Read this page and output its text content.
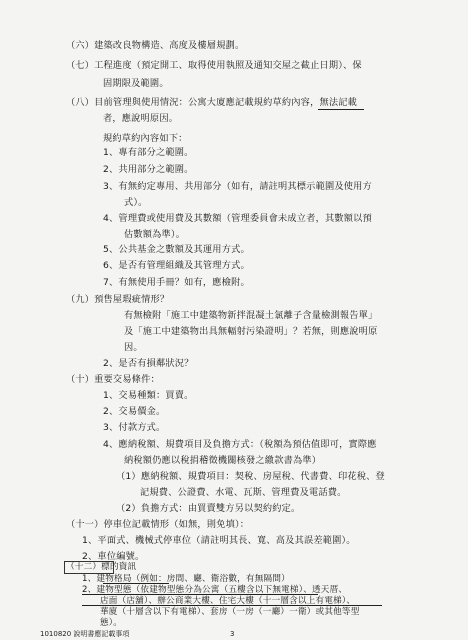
（六）建築改良物構造、高度及樓層規劃。
（七）工程進度（預定開工、取得使用執照及通知交屋之截止日期）、保
固期限及範圍。
（八）目前管理與使用情況：公寓大廈應記載規約草約內容，無法記載
者，應說明原因。
規約草約內容如下：
1、專有部分之範圍。
2、共用部分之範圍。
3、有無約定專用、共用部分（如有，請註明其標示範圍及使用方
式）。
4、管理費或使用費及其數額（管理委員會未成立者，其數額以預
估數額為準）。
5、公共基金之數額及其運用方式。
6、是否有管理組織及其管理方式。
7、有無使用手冊？如有，應檢附。
（九）預售屋瑕疵情形？
有無檢附「施工中建築物新拌混凝土氯離子含量檢測報告單」
及「施工中建築物出具無輻射污染證明」？若無，則應說明原
因。
2、是否有損鄰狀況？
（十）重要交易條件：
1、交易種類：買賣。
2、交易價金。
3、付款方式。
4、應納稅額、規費項目及負擔方式：（稅額為預估值即可，實際應
納稅額仍應以稅捐稽徵機關核發之繳款書為準）
（1）應納稅額、規費項目：契稅、房屋稅、代書費、印花稅、登
記規費、公證費、水電、瓦斯、管理費及電話費。
（2）負擔方式：由買賣雙方另以契約約定。
（十一）停車位記載情形（如無，則免填）：
1、平面式、機械式停車位（請註明其長、寬、高及其誤差範圍）。
2、車位編號。
（十二）標的資訊
1、建物格局（例如：房間、廳、衛浴數，有無隔間）
2、建物型態（依建物型態分為公寓（五樓含以下無電梯）、透天厝、
店面（店舖）、辦公商業大樓、住宅大樓（十一層含以上有電梯）、
華廈（十層含以下有電梯）、套房（一房（一廳）一衛）或其他等型
態）。
1010820 說明書應記載事項	3
